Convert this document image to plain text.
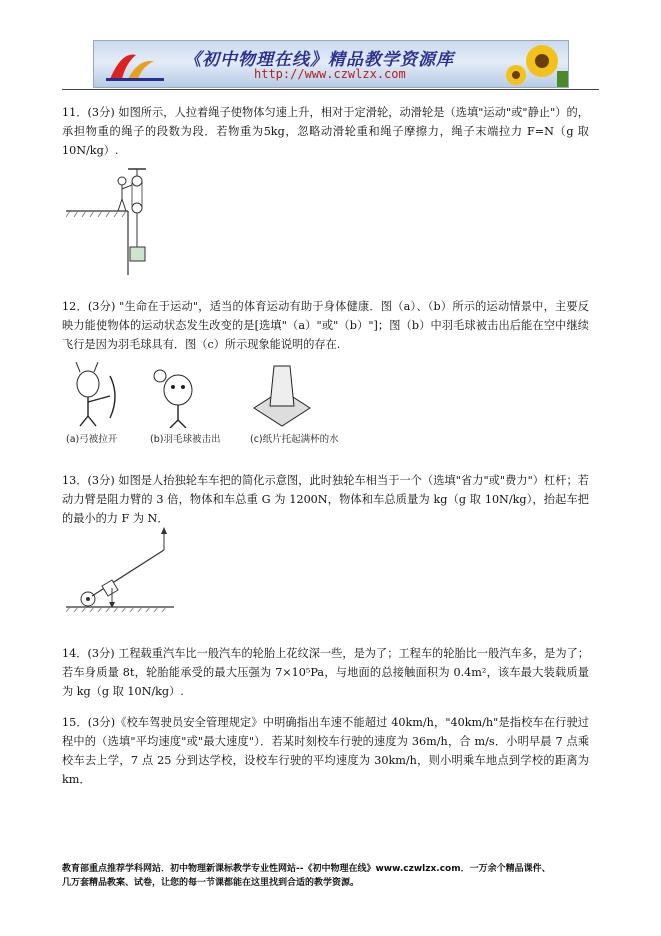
《初中物理在线》精品教学资源库
http://www.czwlzx.com
11．(3分) 如图所示，人拉着绳子使物体匀速上升，相对于定滑轮，动滑轮是（选填"运动"或"静止"）的，承担物重的绳子的段数为段．若物重为5kg，忽略动滑轮重和绳子摩擦力，绳子末端拉力 F=N（g 取 10N/kg）.
12．(3分) "生命在于运动"，适当的体育运动有助于身体健康．图（a）、（b）所示的运动情景中，主要反映力能使物体的运动状态发生改变的是[选填"（a）"或"（b）"]；图（b）中羽毛球被击出后能在空中继续飞行是因为羽毛球具有．图（c）所示现象能说明的存在.
(a)弓被拉开	(b)羽毛球被击出	(c)纸片托起满杯的水
13．(3分) 如图是人抬独轮车车把的简化示意图，此时独轮车相当于一个（选填"省力"或"费力"）杠杆；若动力臂是阻力臂的 3 倍，物体和车总重 G 为 1200N，物体和车总质量为 kg（g 取 10N/kg），抬起车把的最小的力 F 为 N．
14．(3分) 工程载重汽车比一般汽车的轮胎上花纹深一些，是为了；工程车的轮胎比一般汽车多，是为了；若车身质量 8t，轮胎能承受的最大压强为 7×10⁵Pa，与地面的总接触面积为 0.4m²，该车最大装载质量为 kg（g 取 10N/kg）.
15．(3分)《校车驾驶员安全管理规定》中明确指出车速不能超过 40km/h，"40km/h"是指校车在行驶过程中的（选填"平均速度"或"最大速度"）．若某时刻校车行驶的速度为 36m/h，合 m/s．小明早晨 7 点乘校车去上学，7 点 25 分到达学校，设校车行驶的平均速度为 30km/h，则小明乘车地点到学校的距离为 km．
教育部重点推荐学科网站．初中物理新课标教学专业性网站--《初中物理在线》www.czwlzx.com．一万余个精品课件、
几万套精品教案、试卷，让您的每一节课都能在这里找到合适的教学资源。
